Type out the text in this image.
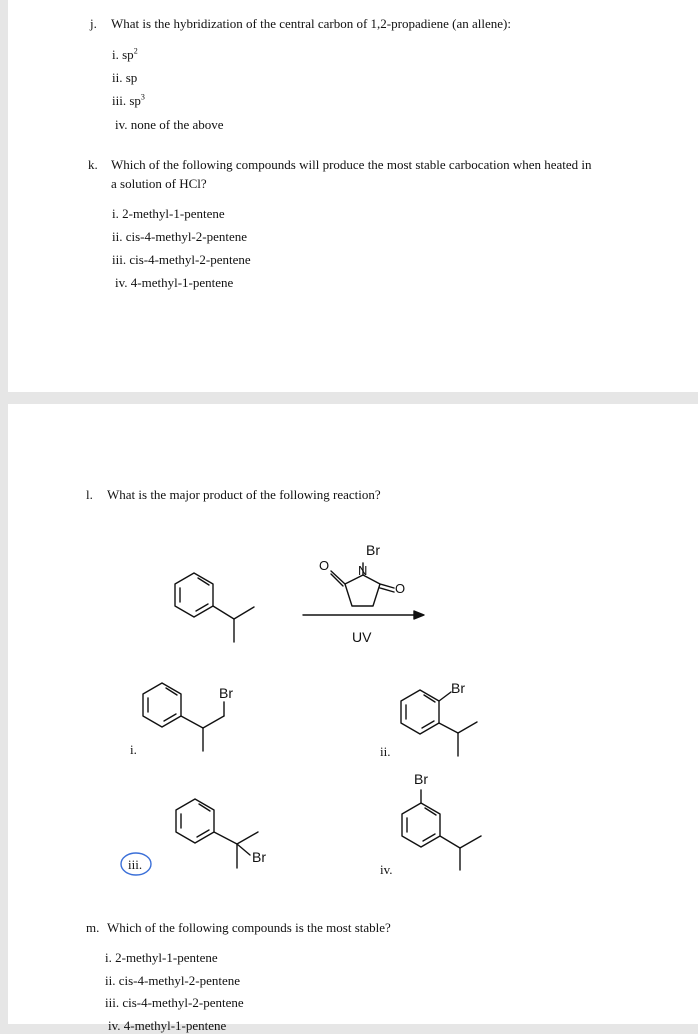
j. What is the hybridization of the central carbon of 1,2-propadiene (an allene):
i. $sp^2$
ii. sp
iii. $sp^3$
iv. none of the above
k. Which of the following compounds will produce the most stable carbocation when heated in
a solution of HCl?
i. 2-methyl-1-pentene
ii. cis-4-methyl-2-pentene
iii. cis-4-methyl-2-pentene
iv. 4-methyl-1-pentene
l. What is the major product of the following reaction?
Br
N
O
O
UV
Br
i.
Br
ii.
Br
iii.
Br
iv.
m. Which of the following compounds is the most stable?
i. 2-methyl-1-pentene
ii. cis-4-methyl-2-pentene
iii. cis-4-methyl-2-pentene
iv. 4-methyl-1-pentene
